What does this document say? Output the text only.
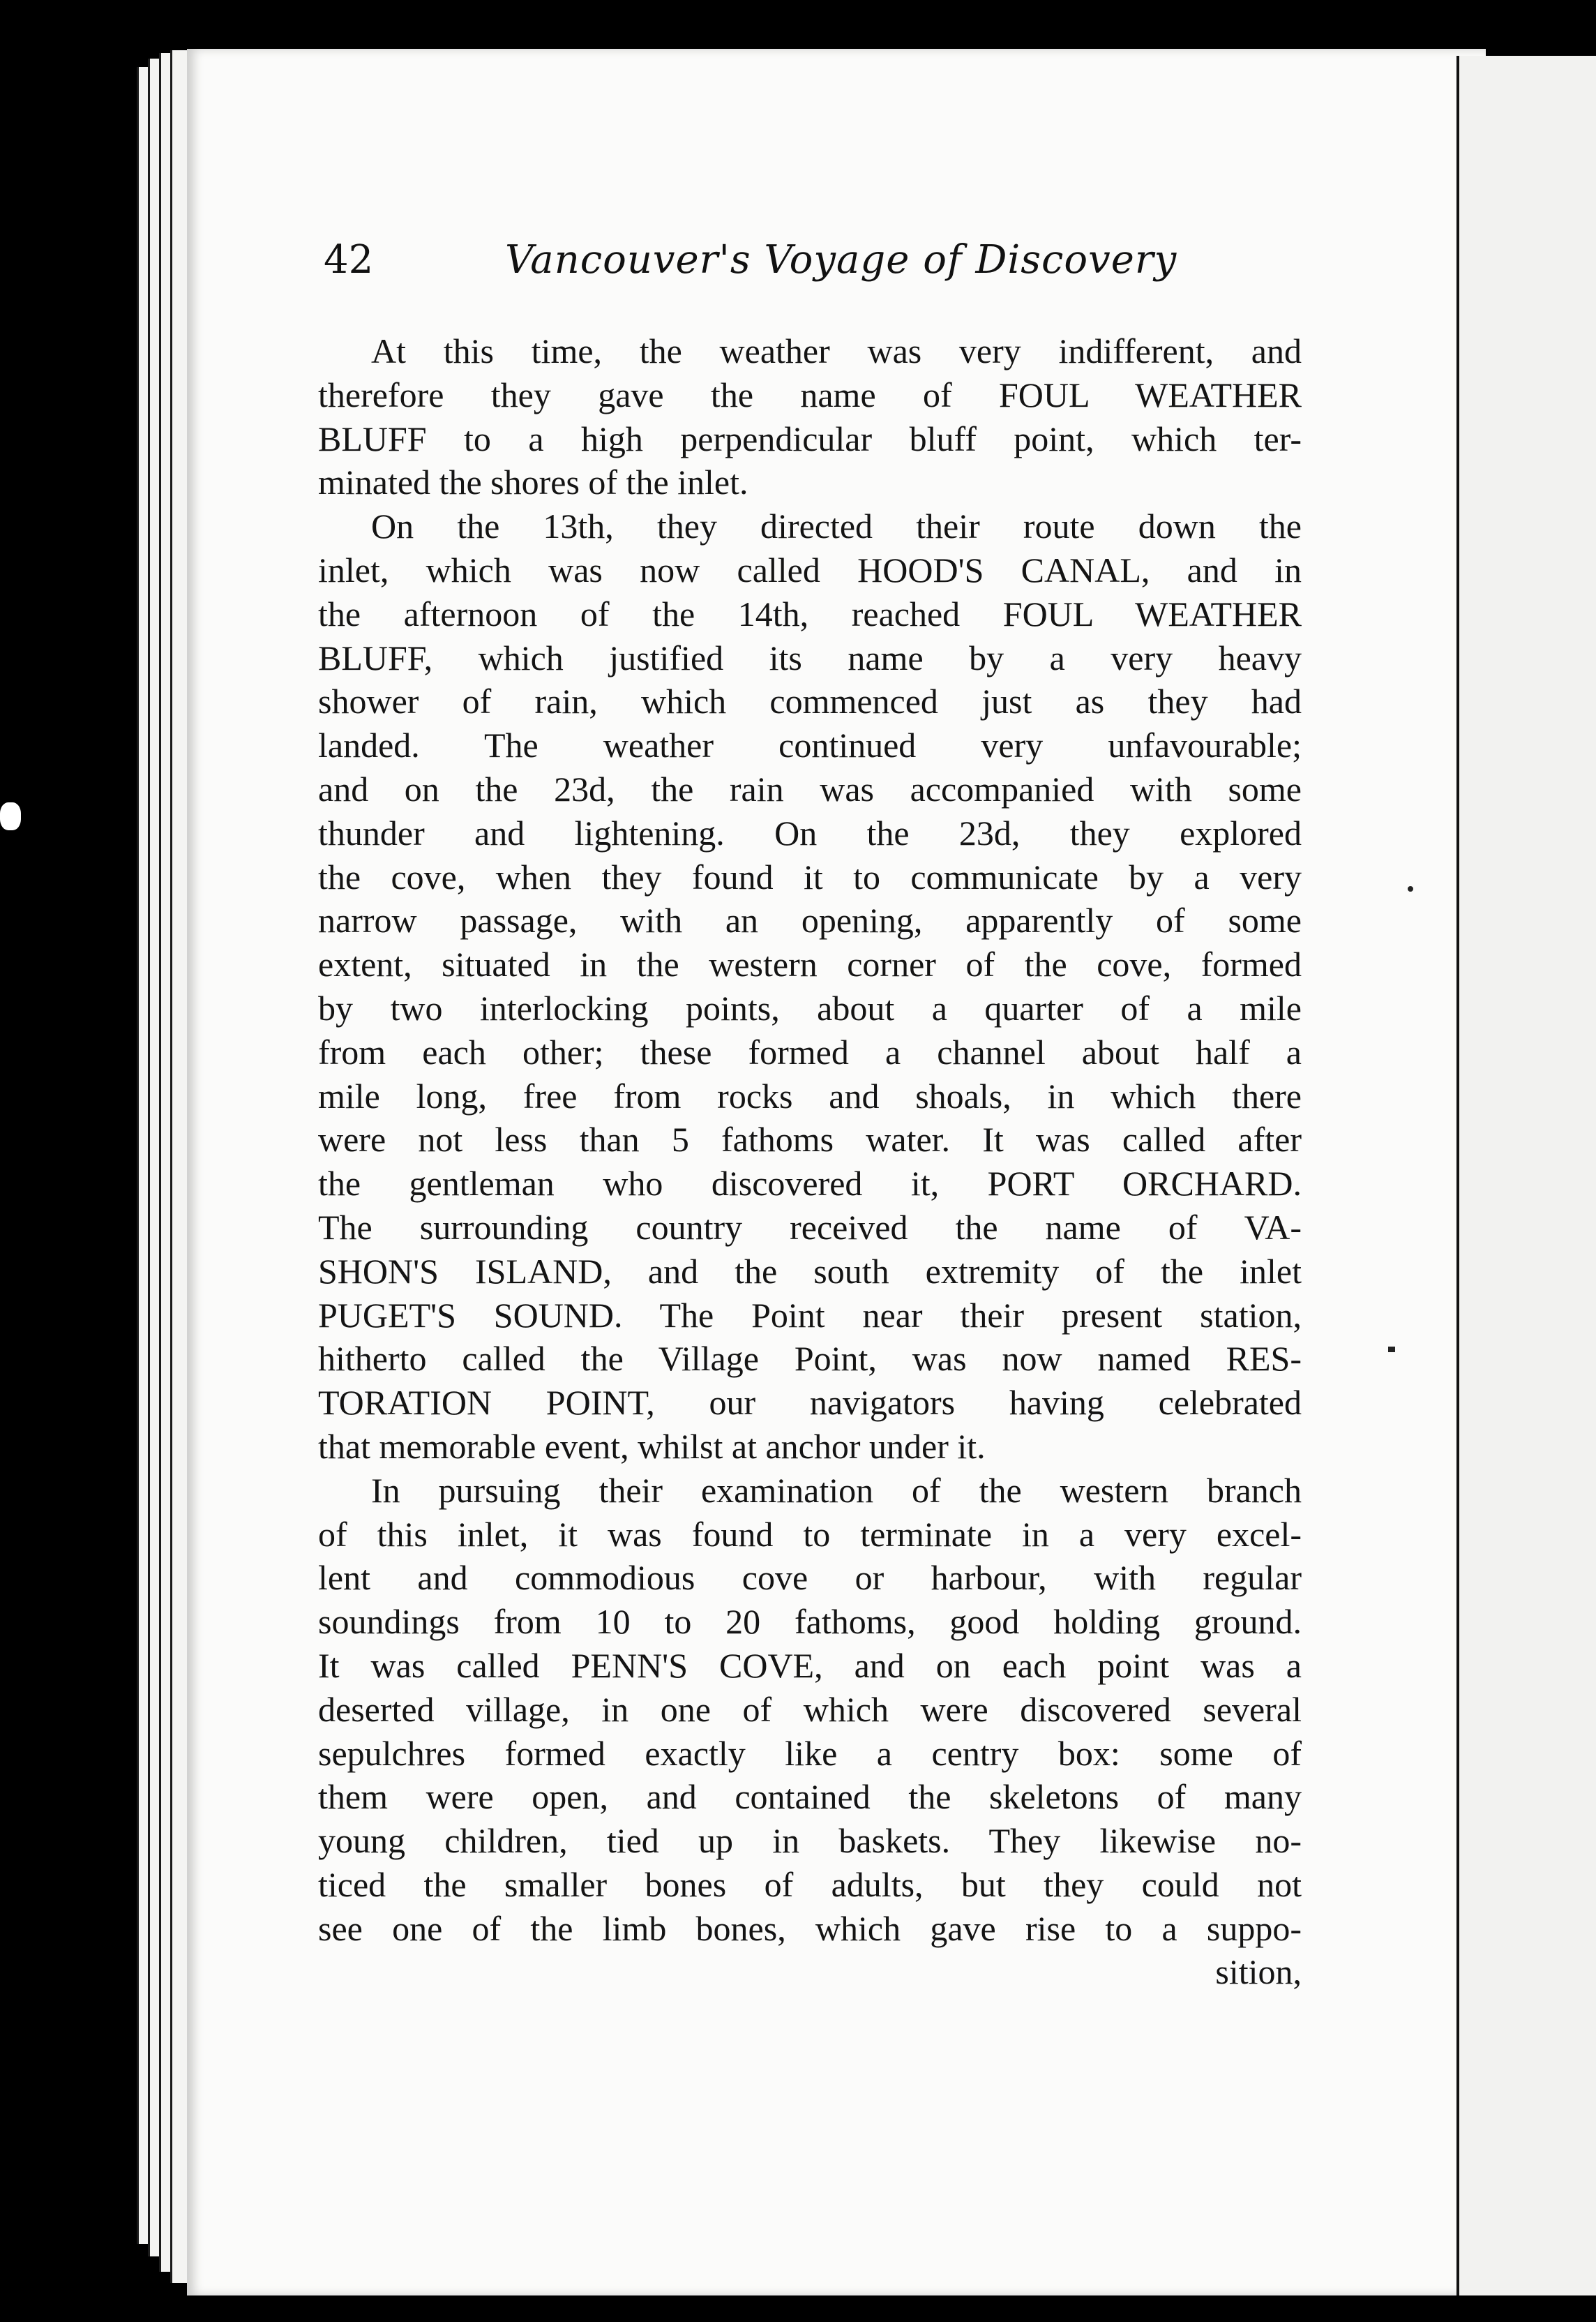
42	Vancouver's Voyage of Discovery
At this time, the weather was very indifferent, and
therefore they gave the name of FOUL WEATHER
BLUFF to a high perpendicular bluff point, which ter-
minated the shores of the inlet.
On the 13th, they directed their route down the
inlet, which was now called HOOD'S CANAL, and in
the afternoon of the 14th, reached FOUL WEATHER
BLUFF, which justified its name by a very heavy
shower of rain, which commenced just as they had
landed. The weather continued very unfavourable;
and on the 23d, the rain was accompanied with some
thunder and lightening. On the 23d, they explored
the cove, when they found it to communicate by a very
narrow passage, with an opening, apparently of some
extent, situated in the western corner of the cove, formed
by two interlocking points, about a quarter of a mile
from each other; these formed a channel about half a
mile long, free from rocks and shoals, in which there
were not less than 5 fathoms water. It was called after
the gentleman who discovered it, PORT ORCHARD.
The surrounding country received the name of VA-
SHON'S ISLAND, and the south extremity of the inlet
PUGET'S SOUND. The Point near their present station,
hitherto called the Village Point, was now named RES-
TORATION POINT, our navigators having celebrated
that memorable event, whilst at anchor under it.
In pursuing their examination of the western branch
of this inlet, it was found to terminate in a very excel-
lent and commodious cove or harbour, with regular
soundings from 10 to 20 fathoms, good holding ground.
It was called PENN'S COVE, and on each point was a
deserted village, in one of which were discovered several
sepulchres formed exactly like a centry box: some of
them were open, and contained the skeletons of many
young children, tied up in baskets. They likewise no-
ticed the smaller bones of adults, but they could not
see one of the limb bones, which gave rise to a suppo-
sition,
